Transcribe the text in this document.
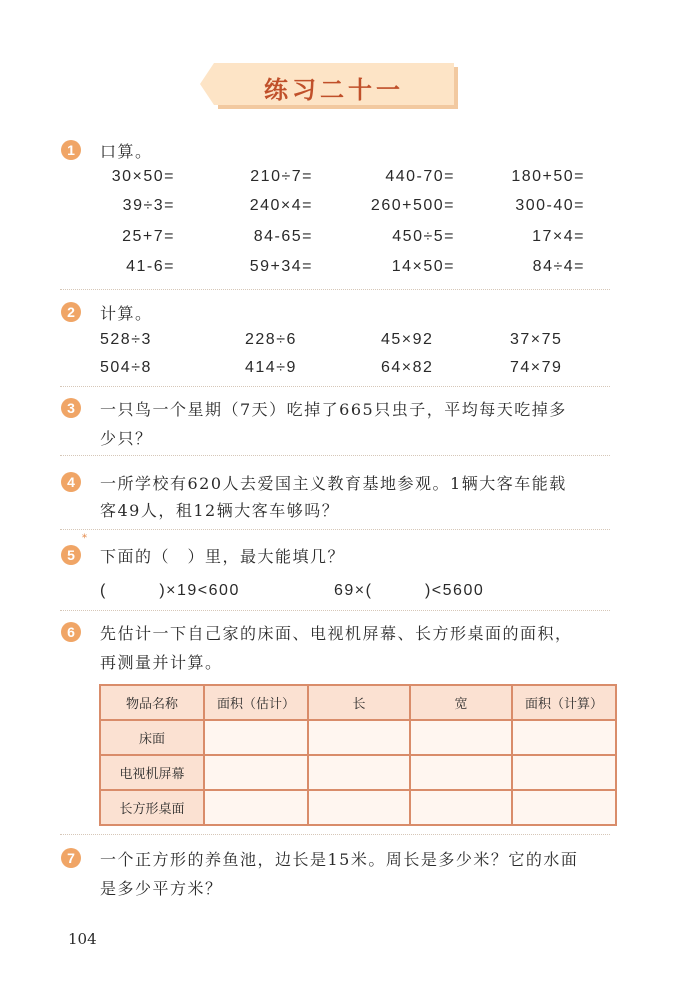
练习二十一
1	口算。
30×50=	210÷7=	440-70=	180+50=
39÷3=	240×4=	260+500=	300-40=
25+7=	84-65=	450÷5=	17×4=
41-6=	59+34=	14×50=	84÷4=
2	计算。
528÷3	228÷6	45×92	37×75
504÷8	414÷9	64×82	74×79
3	一只鸟一个星期（7天）吃掉了665只虫子，平均每天吃掉多
少只？
4	一所学校有620人去爱国主义教育基地参观。1辆大客车能载
客49人，租12辆大客车够吗？
5
*
下面的（　）里，最大能填几？
(　　　)×19<600	69×(　　　)<5600
6	先估计一下自己家的床面、电视机屏幕、长方形桌面的面积，
再测量并计算。
物品名称	面积（估计）	长	宽	面积（计算）
床面				
电视机屏幕				
长方形桌面				
7	一个正方形的养鱼池，边长是15米。周长是多少米？它的水面
是多少平方米？
104
